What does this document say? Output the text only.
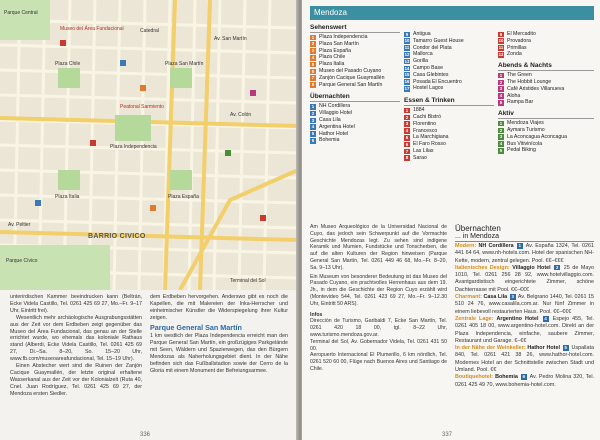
BARRIO CIVICO
Parque Central
Plaza San Martín
Plaza Chile
Plaza Italia	Plaza España
Plaza Independencia
Parque Cívico
Av. Colón
Av. San Martín
Peatonal Sarmiento
Terminal del Sol
Catedral
Museo del Área Fundacional
Av. Peltier

unterirdischen Kammer beeindrucken kann (Beltrán, Ecke Videla Castillo, Tel. 0261 425 69 27, Mo.–Fr. 9–17 Uhr, Eintritt frei).

Wesentlich mehr archäologische Ausgrabungsstätten aus der Zeit vor dem Erdbeben zeigt gegenüber das Museo del Área Fundacional, das genau an der Stelle errichtet wurde, wo ehemals das koloniale Rathaus stand (Alberdi, Ecke Videla Castillo, Tel. 0261 425 69 27, Di.–Sa. 8–20, So. 15–20 Uhr, www.fb.com/museoareafundacional, Tel. 15–19 Uhr).

Einen Abstecher wert sind die Ruinen der Zanjón Cacique Guaymallén, der letzte original erhaltene Wasserkanal aus der Zeit vor der Kolonialzeit (Ruta 40, Cnel. Juan Rodríguez, Tel. 0261 425 69 27, der Mendoza ersten Siedler.

dem Erdbeben hervorgehen. Anderswo gibt es noch die Kapellen, die mit Malereien der Inka-Herrscher und einheimischer Künstler die Widerspiegelung ihrer Kultur zeigen.

Parque General San Martín

1 km westlich der Plaza Independencia erreicht man den Parque General San Martín, ein großzügiges Parkgelände mit Seen, Wäldern und Spazierwegen, das den Bürgern Mendozas als Naherholungsgebiet dient. In der Nähe befinden sich das Fußballstadion sowie der Cerro de la Gloria mit einem Monument der Befreiungsarmee.

336
Mendoza
Sehenswert
1 Plaza Independencia
2 Plaza San Martín
3 Plaza España
4 Plaza Chile
5 Plaza Italia
6 Museo del Pasado Cuyano
7 Zanjón Cacique Guaymallén
8 Parque General San Martín
Übernachten
1 NH Cordillera
2 Villaggio Hotel
3 Casa Lila
4 Argentina Hotel
5 Hathor Hotel
6 Bohemia
9 Antigua
10 Tamarro Guest House
11 Condor del Plata
12 Mallorca
13 Gorilla
14 Campo Base
15 Casa Glebintes
16 Posada El Encuentro
17 Hostel Lagos
Essen & Trinken
1 1884
2 Cachi Bistró
3 Florentino
4 Francesco
5 La Marchigiana
6 El Faro Rosso
7 Las Lilas
8 Sarao
9 El Mercadito
10 Provadora
11 Primillas
12 Zonda
Abends & Nachts
1 The Green
2 The Hobbit Lounge
3 Café Aristides Villanueva
4 Aloha
5 Rampa Bar
Aktiv
1 Mendoza Viajes
2 Aymara Turismo
3 La Aconcagua Aconcagua
4 Bus Vitivinícola
5 Pedal Biking

Am Museo Arqueológico de la Universidad Nacional de Cuyo, das jedoch sein Schwerpunkt auf die Vormachte Geschichte Mendozas legt. Zu sehen sind indigene Keramik und Mumien, Fundstücke und Tonscherben, die auf die alten Kulturen der Region hinweisen (Parque General San Martín, Tel. 0261 449 46 68, Mo.–Fr. 8–20, Sa. 9–13 Uhr).

Ein Museum von besonderer Bedeutung ist das Museo del Pasado Cuyano, ein prachtvolles Herrenhaus aus dem 19. Jh., in dem die Geschichte der Region Cuyo erzählt wird (Montevideo 544, Tel. 0261 423 69 27, Mo.–Fr. 9–12.30 Uhr, Eintritt 50 ARS).

Infos

Dirección de Turismo, Garibaldi 7, Ecke San Martín, Tel. 0261 420 18 00, tgl. 8–22 Uhr, www.turismo.mendoza.gov.ar.

Terminal del Sol, Av. Gobernador Videla, Tel. 0261 431 50 00.

Aeropuerto Internacional El Plumerillo, 6 km nördlich, Tel. 0261 520 60 00, Flüge nach Buenos Aires und Santiago de Chile.

Übernachten
... in Mendoza

Modern: NH Cordillera 1 Av. España 1324, Tel. 0261 441 64 64, www.nh-hotels.com. Hotel der spanischen NH-Kette, modern, zentral gelegen. Pool. €€–€€€

Italienisches Design: Villaggio Hotel 2 25 de Mayo 1010, Tel. 0261 256 28 92, www.hotelvillaggio.com. Avantgardistisch eingerichtete Zimmer, schöne Dachterrasse mit Pool. €€–€€€

Charmant: Casa Lila 3 Av. Belgrano 1440, Tel. 0261 15 510 24 76, www.casalila.com.ar. Nur fünf Zimmer in einem liebevoll restaurierten Haus. Pool. €€–€€€

Zentrale Lage: Argentino Hotel 4 Espejo 455, Tel. 0261 405 18 00, www.argentino-hotel.com. Direkt an der Plaza Independencia, einfache, saubere Zimmer, Restaurant und Garage. €–€€

In der Nähe der Weinkeller: Hathor Hotel 5 Uspallata 840, Tel. 0261 421 38 26, www.hathor-hotel.com. Modernes Hotel an der Schnittstelle zwischen Stadt und Umland. Pool. €€

Boutiquehotel: Bohemia 6 Av. Pedro Molina 320, Tel. 0261 425 49 70, www.bohemia-hotel.com.

337
